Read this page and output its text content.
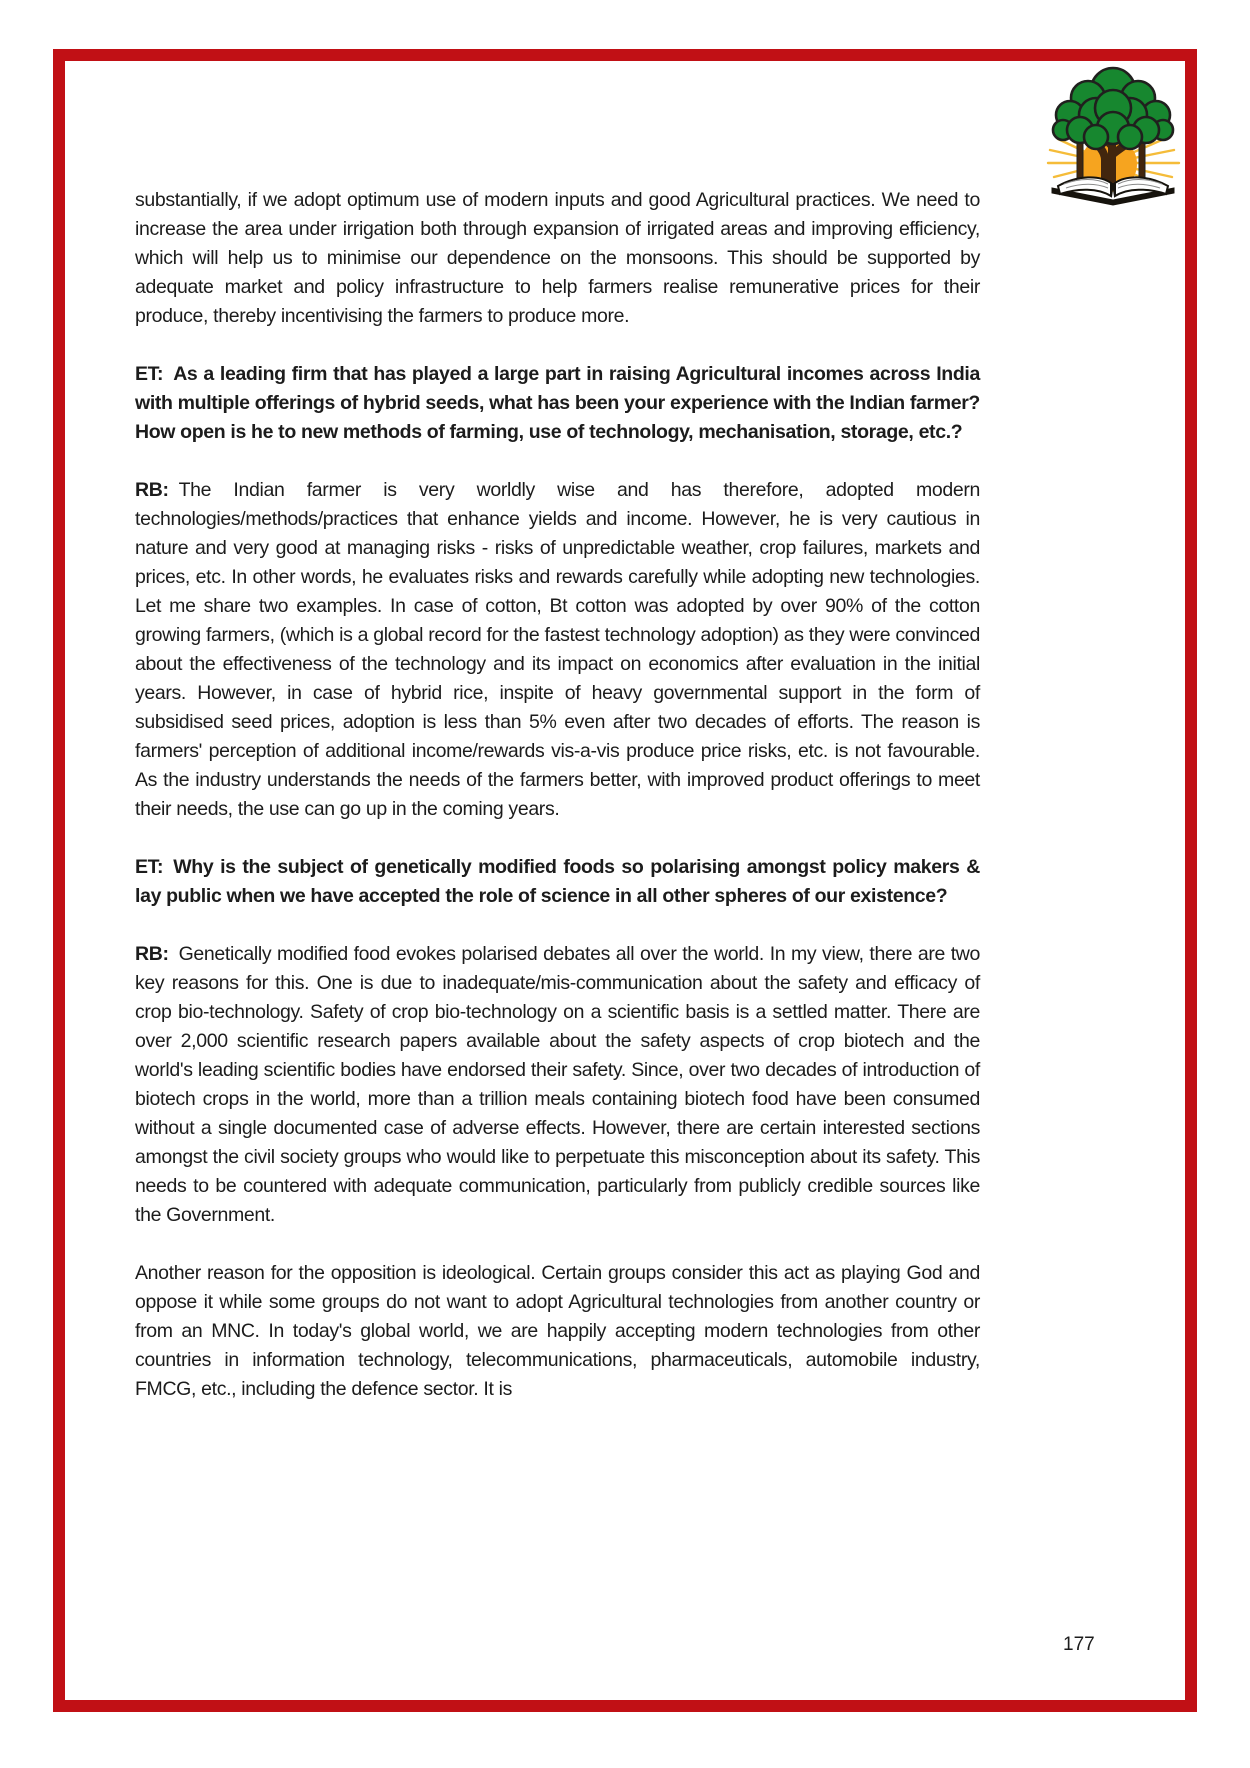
substantially, if we adopt optimum use of modern inputs and good Agricultural practices. We need to increase the area under irrigation both through expansion of irrigated areas and improving efficiency, which will help us to minimise our dependence on the monsoons. This should be supported by adequate market and policy infrastructure to help farmers realise remunerative prices for their produce, thereby incentivising the farmers to produce more.

ET: As a leading firm that has played a large part in raising Agricultural incomes across India with multiple offerings of hybrid seeds, what has been your experience with the Indian farmer? How open is he to new methods of farming, use of technology, mechanisation, storage, etc.?

RB: The Indian farmer is very worldly wise and has therefore, adopted modern technologies/methods/practices that enhance yields and income. However, he is very cautious in nature and very good at managing risks - risks of unpredictable weather, crop failures, markets and prices, etc. In other words, he evaluates risks and rewards carefully while adopting new technologies. Let me share two examples. In case of cotton, Bt cotton was adopted by over 90% of the cotton growing farmers, (which is a global record for the fastest technology adoption) as they were convinced about the effectiveness of the technology and its impact on economics after evaluation in the initial years. However, in case of hybrid rice, inspite of heavy governmental support in the form of subsidised seed prices, adoption is less than 5% even after two decades of efforts. The reason is farmers' perception of additional income/rewards vis-a-vis produce price risks, etc. is not favourable. As the industry understands the needs of the farmers better, with improved product offerings to meet their needs, the use can go up in the coming years.

ET: Why is the subject of genetically modified foods so polarising amongst policy makers & lay public when we have accepted the role of science in all other spheres of our existence?

RB: Genetically modified food evokes polarised debates all over the world. In my view, there are two key reasons for this. One is due to inadequate/mis-communication about the safety and efficacy of crop bio-technology. Safety of crop bio-technology on a scientific basis is a settled matter. There are over 2,000 scientific research papers available about the safety aspects of crop biotech and the world's leading scientific bodies have endorsed their safety. Since, over two decades of introduction of biotech crops in the world, more than a trillion meals containing biotech food have been consumed without a single documented case of adverse effects. However, there are certain interested sections amongst the civil society groups who would like to perpetuate this misconception about its safety. This needs to be countered with adequate communication, particularly from publicly credible sources like the Government.

Another reason for the opposition is ideological. Certain groups consider this act as playing God and oppose it while some groups do not want to adopt Agricultural technologies from another country or from an MNC. In today's global world, we are happily accepting modern technologies from other countries in information technology, telecommunications, pharmaceuticals, automobile industry, FMCG, etc., including the defence sector. It is

177
